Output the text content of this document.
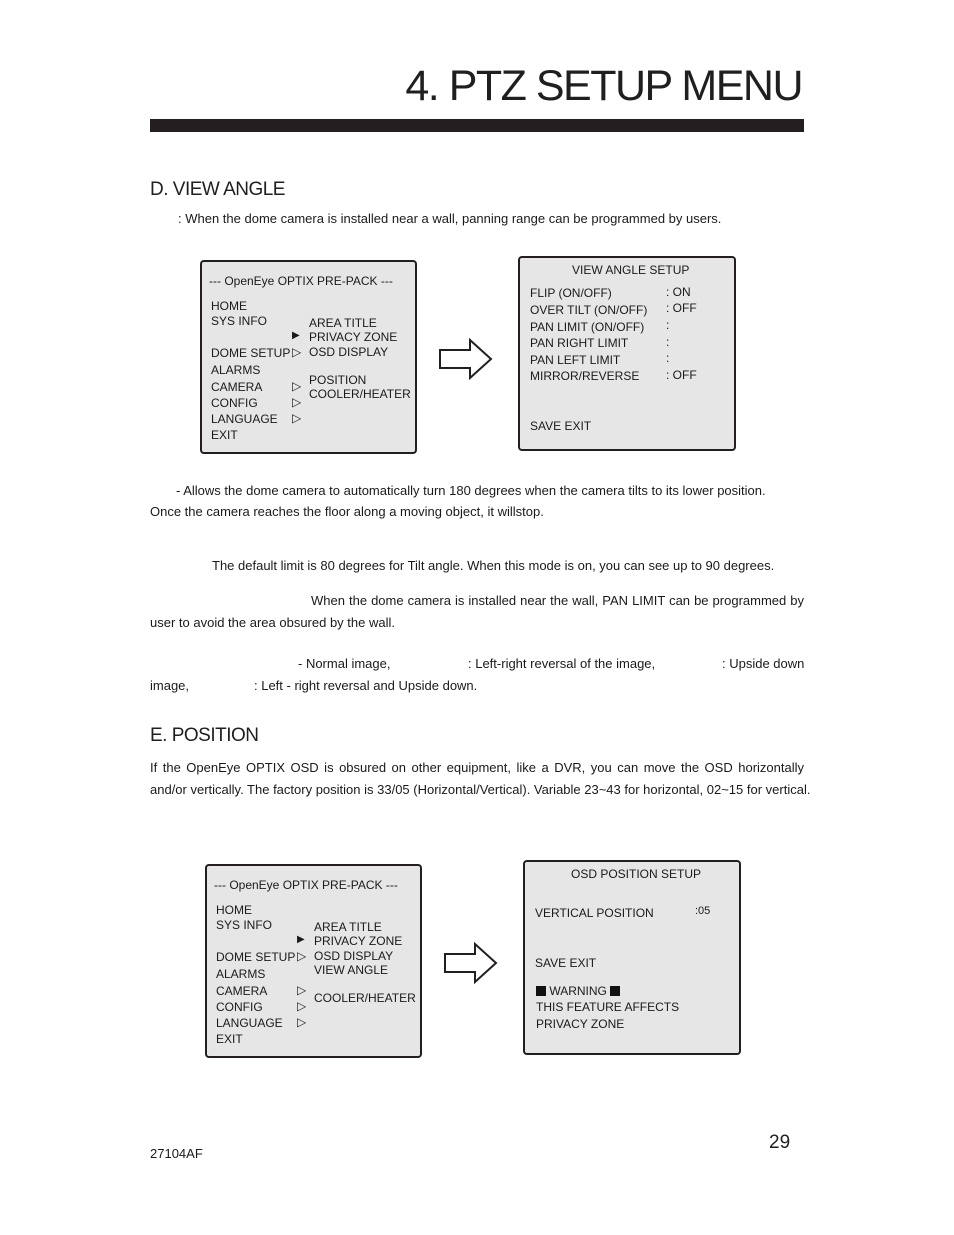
4. PTZ SETUP MENU
D. VIEW ANGLE
: When the dome camera is installed near a wall, panning range can be programmed by users.
--- OpenEye OPTIX PRE-PACK ---
HOME
SYS INFO
DOME SETUP
ALARMS
CAMERA
CONFIG
LANGUAGE
EXIT
▶
▷
▷
▷
▷
AREA TITLE
PRIVACY ZONE
OSD DISPLAY
POSITION
COOLER/HEATER
VIEW ANGLE SETUP
FLIP (ON/OFF)	: ON
OVER TILT (ON/OFF) : OFF
PAN LIMIT (ON/OFF) :
PAN RIGHT LIMIT	:
PAN LEFT LIMIT	:
MIRROR/REVERSE : OFF
SAVE EXIT
- Allows the dome camera to automatically turn 180 degrees when the camera tilts to its lower position.
Once the camera reaches the floor along a moving object, it willstop.
The default limit is 80 degrees for Tilt angle. When this mode is on, you can see up to 90 degrees.
When the dome camera is installed near the wall, PAN LIMIT can be programmed by
user to avoid the area obsured by the wall.
- Normal image,	: Left-right reversal of the image,	: Upside down
image,	: Left - right reversal and Upside down.
E. POSITION
If the OpenEye OPTIX OSD is obsured on other equipment, like a DVR, you can move the OSD horizontally
and/or vertically. The factory position is 33/05 (Horizontal/Vertical). Variable 23~43 for horizontal, 02~15 for vertical.
--- OpenEye OPTIX PRE-PACK ---
HOME
SYS INFO
DOME SETUP
ALARMS
CAMERA
CONFIG
LANGUAGE
EXIT
▶
▷
▷
▷
▷
AREA TITLE
PRIVACY ZONE
OSD DISPLAY
VIEW ANGLE
COOLER/HEATER
OSD POSITION SETUP
VERTICAL POSITION	:05
SAVE EXIT
WARNING
THIS FEATURE AFFECTS
PRIVACY ZONE
29
27104AF
